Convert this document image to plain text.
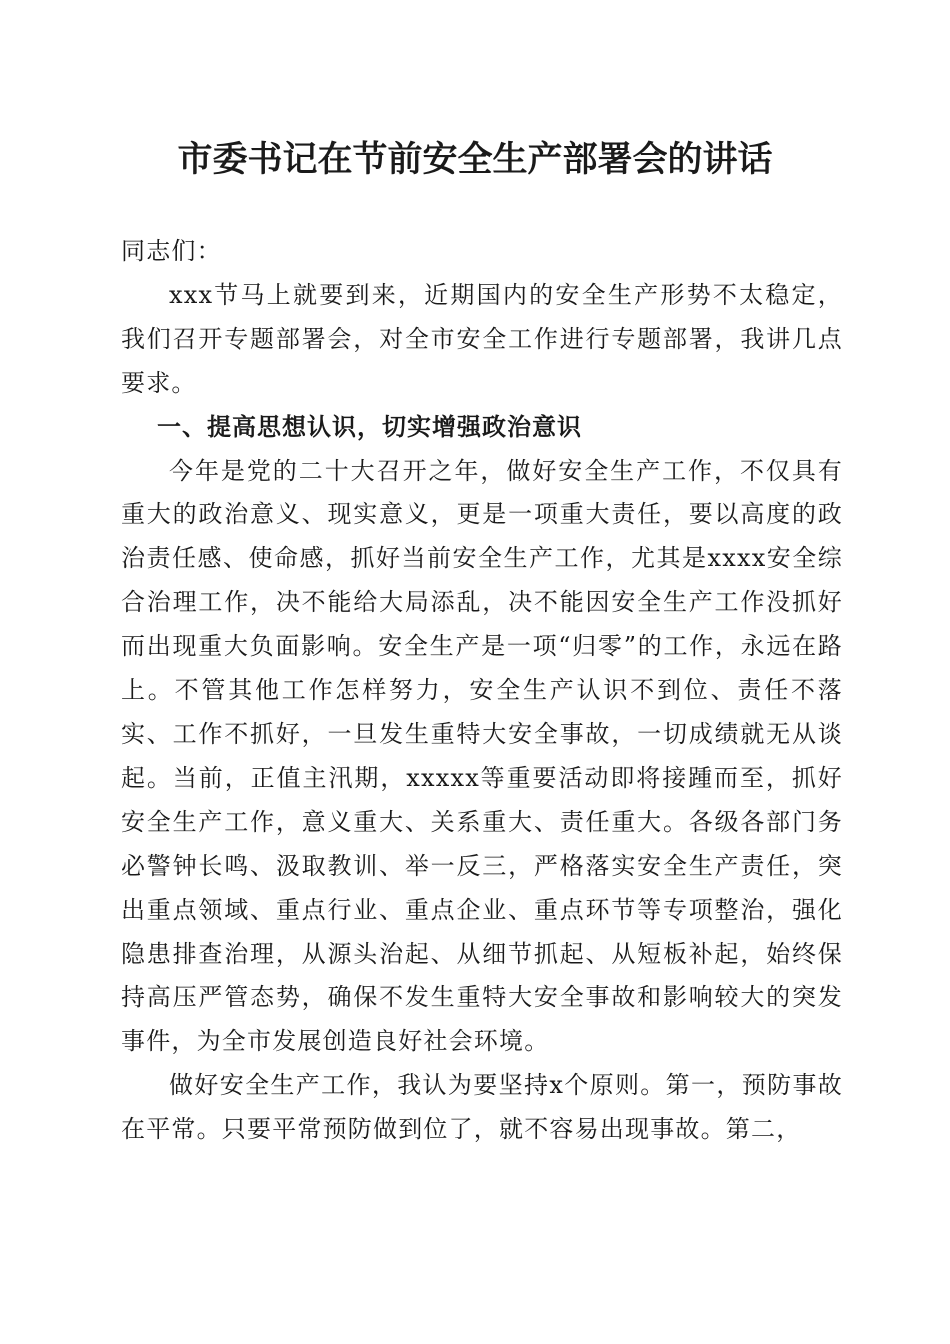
市委书记在节前安全生产部署会的讲话

同志们：

xxx节马上就要到来，近期国内的安全生产形势不太稳定，我们召开专题部署会，对全市安全工作进行专题部署，我讲几点要求。

一、提高思想认识，切实增强政治意识

今年是党的二十大召开之年，做好安全生产工作，不仅具有重大的政治意义、现实意义，更是一项重大责任，要以高度的政治责任感、使命感，抓好当前安全生产工作，尤其是xxxx安全综合治理工作，决不能给大局添乱，决不能因安全生产工作没抓好而出现重大负面影响。安全生产是一项“归零”的工作，永远在路上。不管其他工作怎样努力，安全生产认识不到位、责任不落实、工作不抓好，一旦发生重特大安全事故，一切成绩就无从谈起。当前，正值主汛期，xxxxx等重要活动即将接踵而至，抓好安全生产工作，意义重大、关系重大、责任重大。各级各部门务必警钟长鸣、汲取教训、举一反三，严格落实安全生产责任，突出重点领域、重点行业、重点企业、重点环节等专项整治，强化隐患排查治理，从源头治起、从细节抓起、从短板补起，始终保持高压严管态势，确保不发生重特大安全事故和影响较大的突发事件，为全市发展创造良好社会环境。

做好安全生产工作，我认为要坚持x个原则。第一，预防事故在平常。只要平常预防做到位了，就不容易出现事故。第二，
